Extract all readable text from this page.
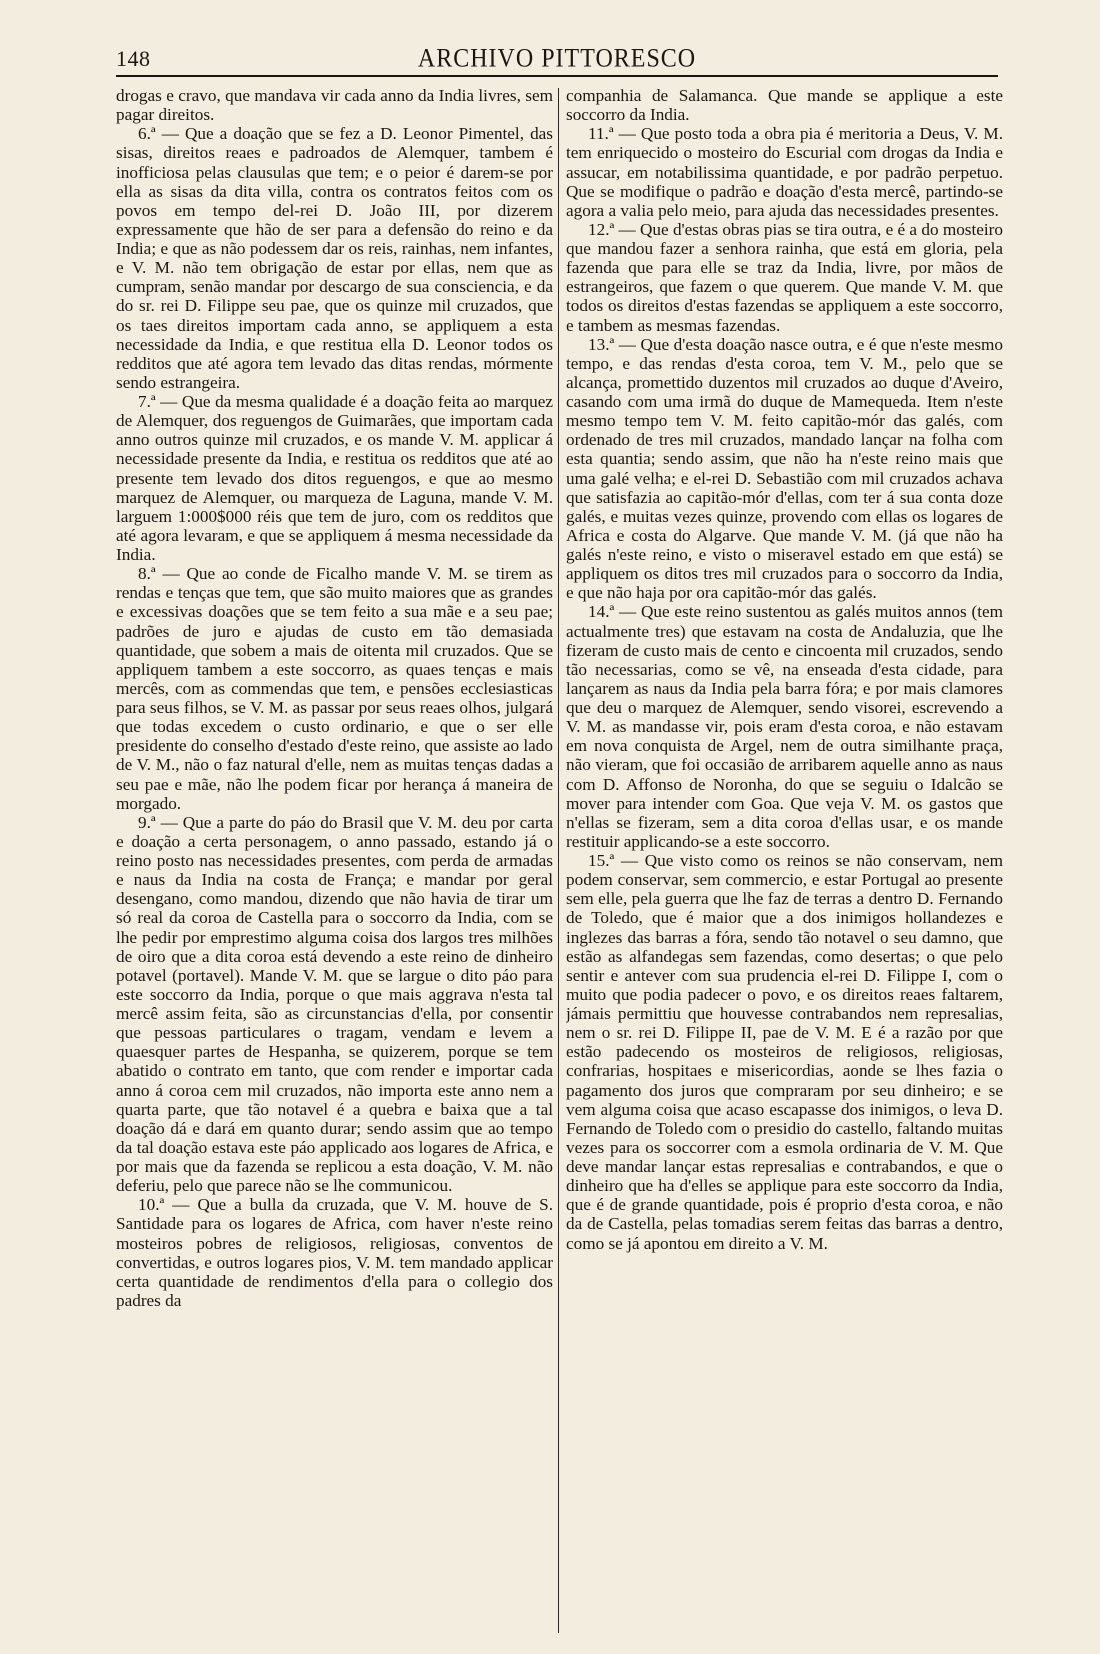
148	ARCHIVO PITTORESCO

drogas e cravo, que mandava vir cada anno da India livres, sem pagar direitos.

6.ª — Que a doação que se fez a D. Leonor Pimentel, das sisas, direitos reaes e padroados de Alemquer, tambem é inofficiosa pelas clausulas que tem; e o peior é darem-se por ella as sisas da dita villa, contra os contratos feitos com os povos em tempo del-rei D. João III, por dizerem expressamente que hão de ser para a defensão do reino e da India; e que as não podessem dar os reis, rainhas, nem infantes, e V. M. não tem obrigação de estar por ellas, nem que as cumpram, senão mandar por descargo de sua consciencia, e da do sr. rei D. Filippe seu pae, que os quinze mil cruzados, que os taes direitos importam cada anno, se appliquem a esta necessidade da India, e que restitua ella D. Leonor todos os redditos que até agora tem levado das ditas rendas, mórmente sendo estrangeira.

7.ª — Que da mesma qualidade é a doação feita ao marquez de Alemquer, dos reguengos de Guimarães, que importam cada anno outros quinze mil cruzados, e os mande V. M. applicar á necessidade presente da India, e restitua os redditos que até ao presente tem levado dos ditos reguengos, e que ao mesmo marquez de Alemquer, ou marqueza de Laguna, mande V. M. larguem 1:000$000 réis que tem de juro, com os redditos que até agora levaram, e que se appliquem á mesma necessidade da India.

8.ª — Que ao conde de Ficalho mande V. M. se tirem as rendas e tenças que tem, que são muito maiores que as grandes e excessivas doações que se tem feito a sua mãe e a seu pae; padrões de juro e ajudas de custo em tão demasiada quantidade, que sobem a mais de oitenta mil cruzados. Que se appliquem tambem a este soccorro, as quaes tenças e mais mercês, com as commendas que tem, e pensões ecclesiasticas para seus filhos, se V. M. as passar por seus reaes olhos, julgará que todas excedem o custo ordinario, e que o ser elle presidente do conselho d'estado d'este reino, que assiste ao lado de V. M., não o faz natural d'elle, nem as muitas tenças dadas a seu pae e mãe, não lhe podem ficar por herança á maneira de morgado.

9.ª — Que a parte do páo do Brasil que V. M. deu por carta e doação a certa personagem, o anno passado, estando já o reino posto nas necessidades presentes, com perda de armadas e naus da India na costa de França; e mandar por geral desengano, como mandou, dizendo que não havia de tirar um só real da coroa de Castella para o soccorro da India, com se lhe pedir por emprestimo alguma coisa dos largos tres milhões de oiro que a dita coroa está devendo a este reino de dinheiro potavel (portavel). Mande V. M. que se largue o dito páo para este soccorro da India, porque o que mais aggrava n'esta tal mercê assim feita, são as circunstancias d'ella, por consentir que pessoas particulares o tragam, vendam e levem a quaesquer partes de Hespanha, se quizerem, porque se tem abatido o contrato em tanto, que com render e importar cada anno á coroa cem mil cruzados, não importa este anno nem a quarta parte, que tão notavel é a quebra e baixa que a tal doação dá e dará em quanto durar; sendo assim que ao tempo da tal doação estava este páo applicado aos logares de Africa, e por mais que da fazenda se replicou a esta doação, V. M. não deferiu, pelo que parece não se lhe communicou.

10.ª — Que a bulla da cruzada, que V. M. houve de S. Santidade para os logares de Africa, com haver n'este reino mosteiros pobres de religiosos, religiosas, conventos de convertidas, e outros logares pios, V. M. tem mandado applicar certa quantidade de rendimentos d'ella para o collegio dos padres da

companhia de Salamanca. Que mande se applique a este soccorro da India.

11.ª — Que posto toda a obra pia é meritoria a Deus, V. M. tem enriquecido o mosteiro do Escurial com drogas da India e assucar, em notabilissima quantidade, e por padrão perpetuo. Que se modifique o padrão e doação d'esta mercê, partindo-se agora a valia pelo meio, para ajuda das necessidades presentes.

12.ª — Que d'estas obras pias se tira outra, e é a do mosteiro que mandou fazer a senhora rainha, que está em gloria, pela fazenda que para elle se traz da India, livre, por mãos de estrangeiros, que fazem o que querem. Que mande V. M. que todos os direitos d'estas fazendas se appliquem a este soccorro, e tambem as mesmas fazendas.

13.ª — Que d'esta doação nasce outra, e é que n'este mesmo tempo, e das rendas d'esta coroa, tem V. M., pelo que se alcança, promettido duzentos mil cruzados ao duque d'Aveiro, casando com uma irmã do duque de Mamequeda. Item n'este mesmo tempo tem V. M. feito capitão-mór das galés, com ordenado de tres mil cruzados, mandado lançar na folha com esta quantia; sendo assim, que não ha n'este reino mais que uma galé velha; e el-rei D. Sebastião com mil cruzados achava que satisfazia ao capitão-mór d'ellas, com ter á sua conta doze galés, e muitas vezes quinze, provendo com ellas os logares de Africa e costa do Algarve. Que mande V. M. (já que não ha galés n'este reino, e visto o miseravel estado em que está) se appliquem os ditos tres mil cruzados para o soccorro da India, e que não haja por ora capitão-mór das galés.

14.ª — Que este reino sustentou as galés muitos annos (tem actualmente tres) que estavam na costa de Andaluzia, que lhe fizeram de custo mais de cento e cincoenta mil cruzados, sendo tão necessarias, como se vê, na enseada d'esta cidade, para lançarem as naus da India pela barra fóra; e por mais clamores que deu o marquez de Alemquer, sendo visorei, escrevendo a V. M. as mandasse vir, pois eram d'esta coroa, e não estavam em nova conquista de Argel, nem de outra similhante praça, não vieram, que foi occasião de arribarem aquelle anno as naus com D. Affonso de Noronha, do que se seguiu o Idalcão se mover para intender com Goa. Que veja V. M. os gastos que n'ellas se fizeram, sem a dita coroa d'ellas usar, e os mande restituir applicando-se a este soccorro.

15.ª — Que visto como os reinos se não conservam, nem podem conservar, sem commercio, e estar Portugal ao presente sem elle, pela guerra que lhe faz de terras a dentro D. Fernando de Toledo, que é maior que a dos inimigos hollandezes e inglezes das barras a fóra, sendo tão notavel o seu damno, que estão as alfandegas sem fazendas, como desertas; o que pelo sentir e antever com sua prudencia el-rei D. Filippe I, com o muito que podia padecer o povo, e os direitos reaes faltarem, jámais permittiu que houvesse contrabandos nem represalias, nem o sr. rei D. Filippe II, pae de V. M. E é a razão por que estão padecendo os mosteiros de religiosos, religiosas, confrarias, hospitaes e misericordias, aonde se lhes fazia o pagamento dos juros que compraram por seu dinheiro; e se vem alguma coisa que acaso escapasse dos inimigos, o leva D. Fernando de Toledo com o presidio do castello, faltando muitas vezes para os soccorrer com a esmola ordinaria de V. M. Que deve mandar lançar estas represalias e contrabandos, e que o dinheiro que ha d'elles se applique para este soccorro da India, que é de grande quantidade, pois é proprio d'esta coroa, e não da de Castella, pelas tomadias serem feitas das barras a dentro, como se já apontou em direito a V. M.
